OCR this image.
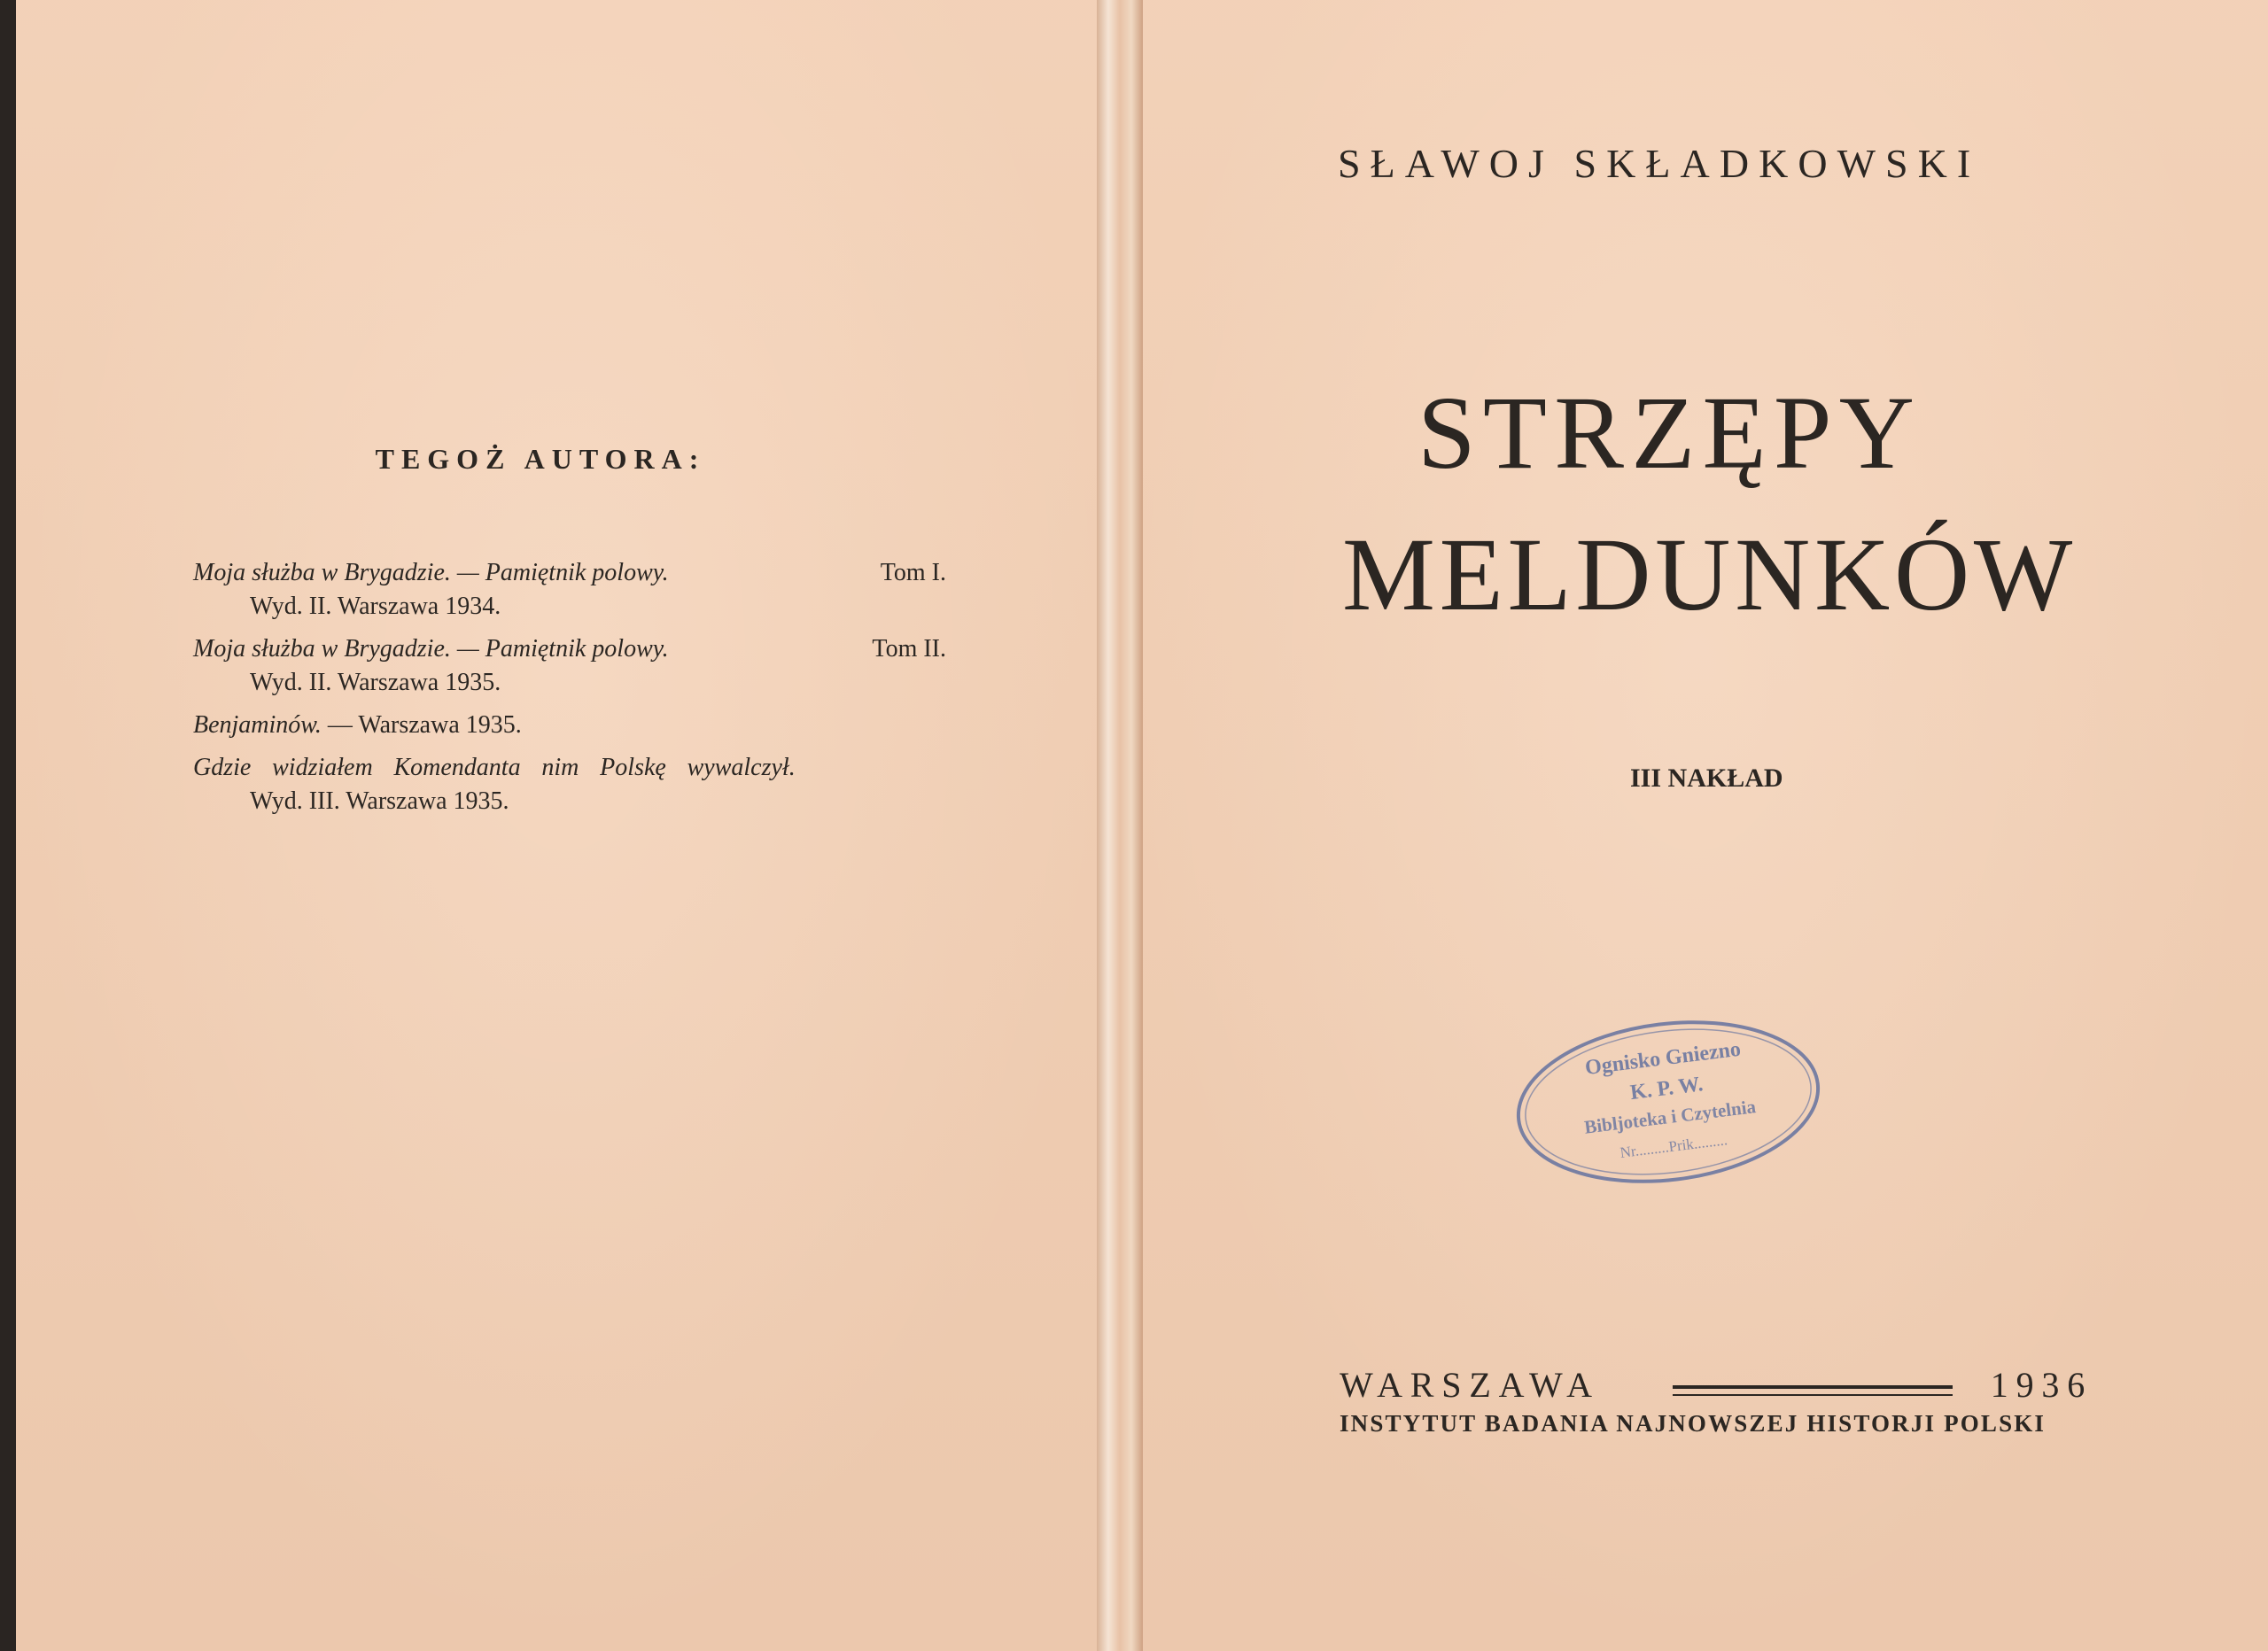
TEGOŻ AUTORA:
Moja służba w Brygadzie. — Pamiętnik polowy.	Tom I.
Wyd. II. Warszawa 1934.
Moja służba w Brygadzie. — Pamiętnik polowy.	Tom II.
Wyd. II. Warszawa 1935.
Benjaminów. — Warszawa 1935.
Gdzie widziałem Komendanta nim Polskę wywalczył.
Wyd. III. Warszawa 1935.
SŁAWOJ SKŁADKOWSKI
STRZĘPY
MELDUNKÓW
III NAKŁAD
Ognisko Gniezno
K. P. W.
Bibljoteka i Czytelnia
Nr.........Prik.........
WARSZAWA	1936
INSTYTUT BADANIA NAJNOWSZEJ HISTORJI POLSKI
